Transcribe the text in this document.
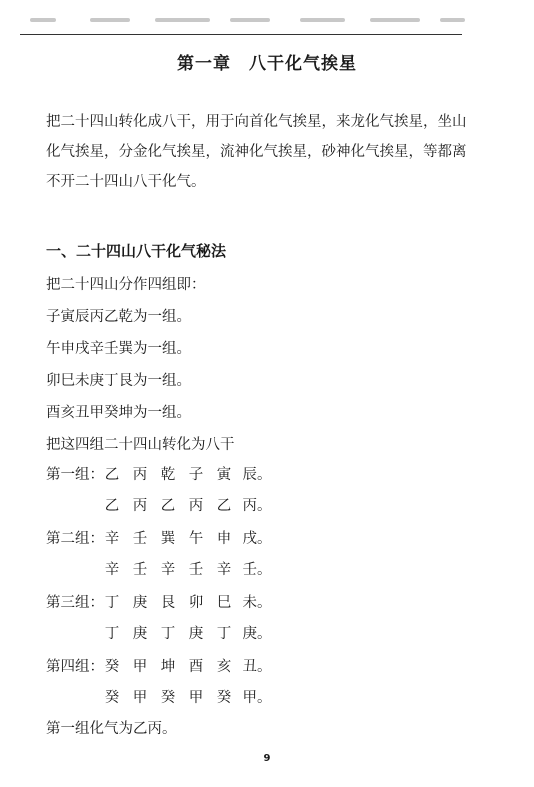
第一章　八干化气挨星
把二十四山转化成八干，用于向首化气挨星，来龙化气挨星，坐山化气挨星，分金化气挨星，流神化气挨星，砂神化气挨星，等都离不开二十四山八干化气。
一、二十四山八干化气秘法
把二十四山分作四组即：
子寅辰丙乙乾为一组。
午申戌辛壬巽为一组。
卯巳未庚丁艮为一组。
酉亥丑甲癸坤为一组。
把这四组二十四山转化为八干
第一组： 乙 丙 乾 子 寅 辰。
乙 丙 乙 丙 乙 丙。
第二组： 辛 壬 巽 午 申 戌。
辛 壬 辛 壬 辛 壬。
第三组： 丁 庚 艮 卯 巳 未。
丁 庚 丁 庚 丁 庚。
第四组： 癸 甲 坤 酉 亥 丑。
癸 甲 癸 甲 癸 甲。
第一组化气为乙丙。
9
